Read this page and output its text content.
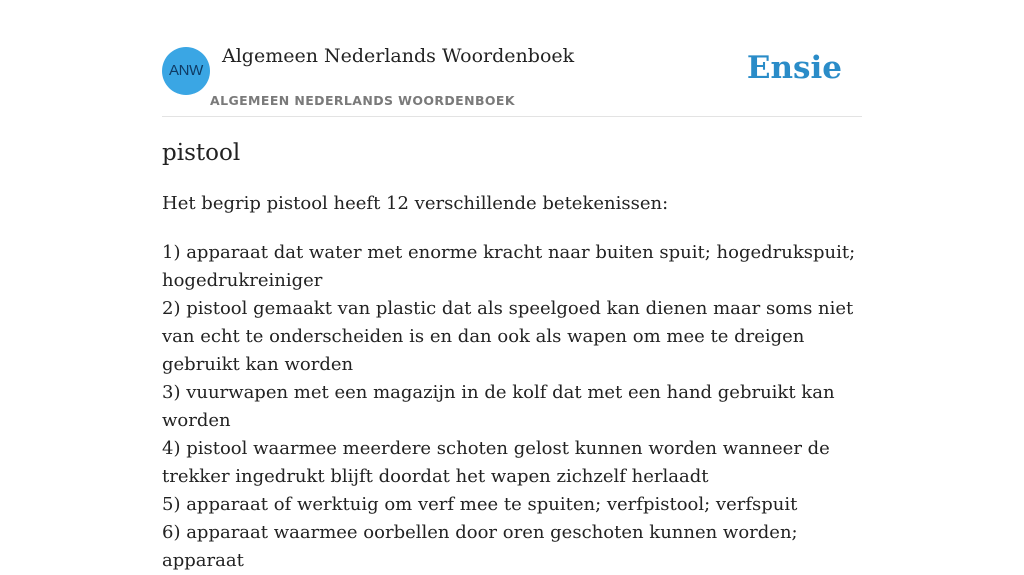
ANW
Algemeen Nederlands Woordenboek
ALGEMEEN NEDERLANDS WOORDENBOEK
Ensie
pistool
Het begrip pistool heeft 12 verschillende betekenissen:
1) apparaat dat water met enorme kracht naar buiten spuit; hogedrukspuit; hogedrukreiniger
2) pistool gemaakt van plastic dat als speelgoed kan dienen maar soms niet van echt te onderscheiden is en dan ook als wapen om mee te dreigen gebruikt kan worden
3) vuurwapen met een magazijn in de kolf dat met een hand gebruikt kan worden
4) pistool waarmee meerdere schoten gelost kunnen worden wanneer de trekker ingedrukt blijft doordat het wapen zichzelf herlaadt
5) apparaat of werktuig om verf mee te spuiten; verfpistool; verfspuit
6) apparaat waarmee oorbellen door oren geschoten kunnen worden; apparaat
